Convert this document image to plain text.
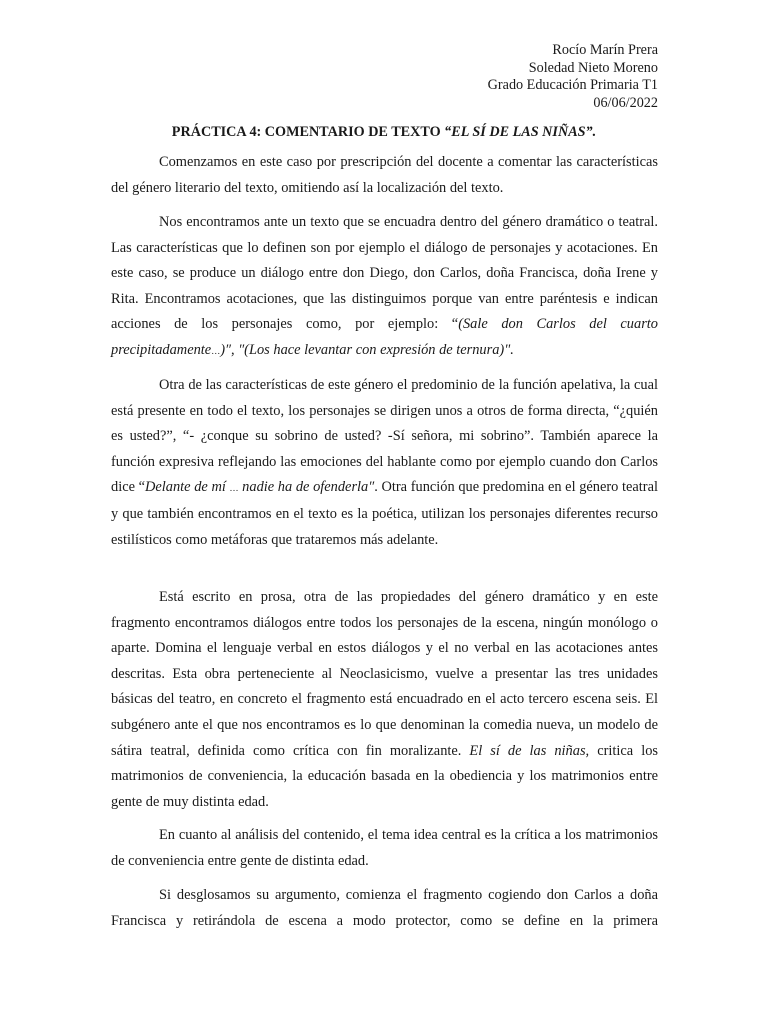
Rocío Marín Prera
Soledad Nieto Moreno
Grado Educación Primaria T1
06/06/2022
PRÁCTICA 4: COMENTARIO DE TEXTO “EL SÍ DE LAS NIÑAS”.

Comenzamos en este caso por prescripción del docente a comentar las características del género literario del texto, omitiendo así la localización del texto.

Nos encontramos ante un texto que se encuadra dentro del género dramático o teatral. Las características que lo definen son por ejemplo el diálogo de personajes y acotaciones. En este caso, se produce un diálogo entre don Diego, don Carlos, doña Francisca, doña Irene y Rita. Encontramos acotaciones, que las distinguimos porque van entre paréntesis e indican acciones de los personajes como, por ejemplo: “(Sale don Carlos del cuarto precipitadamente…)″, ″(Los hace levantar con expresión de ternura)".

Otra de las características de este género el predominio de la función apelativa, la cual está presente en todo el texto, los personajes se dirigen unos a otros de forma directa, “¿quién es usted?”, “- ¿conque su sobrino de usted? -Sí señora, mi sobrino”. También aparece la función expresiva reflejando las emociones del hablante como por ejemplo cuando don Carlos dice “Delante de mí … nadie ha de ofenderla″. Otra función que predomina en el género teatral y que también encontramos en el texto es la poética, utilizan los personajes diferentes recurso estilísticos como metáforas que trataremos más adelante.

Está escrito en prosa, otra de las propiedades del género dramático y en este fragmento encontramos diálogos entre todos los personajes de la escena, ningún monólogo o aparte. Domina el lenguaje verbal en estos diálogos y el no verbal en las acotaciones antes descritas. Esta obra perteneciente al Neoclasicismo, vuelve a presentar las tres unidades básicas del teatro, en concreto el fragmento está encuadrado en el acto tercero escena seis. El subgénero ante el que nos encontramos es lo que denominan la comedia nueva, un modelo de sátira teatral, definida como crítica con fin moralizante. El sí de las niñas, critica los matrimonios de conveniencia, la educación basada en la obediencia y los matrimonios entre gente de muy distinta edad.

En cuanto al análisis del contenido, el tema idea central es la crítica a los matrimonios de conveniencia entre gente de distinta edad.

Si desglosamos su argumento, comienza el fragmento cogiendo don Carlos a doña Francisca y retirándola de escena a modo protector, como se define en la primera
